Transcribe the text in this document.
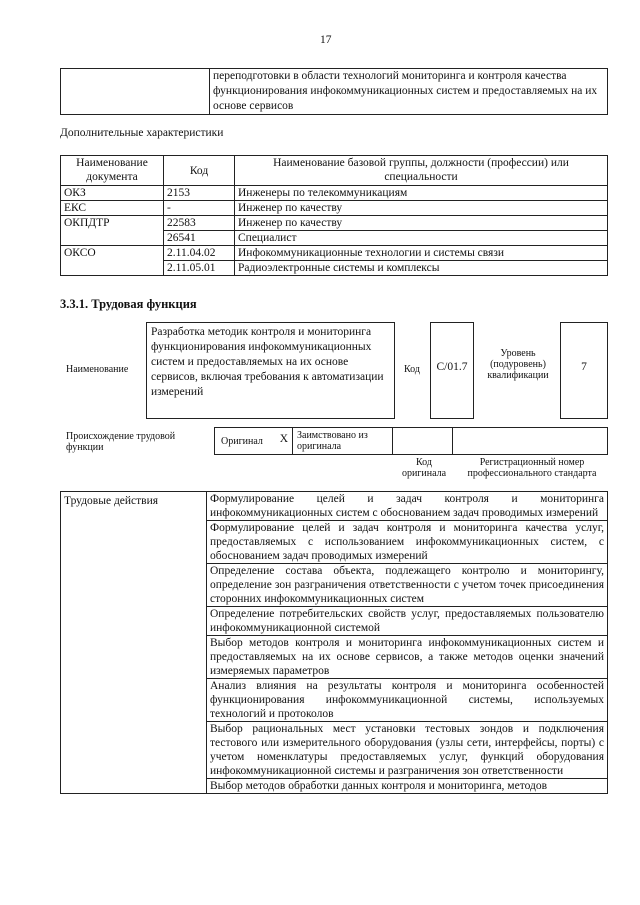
17
	переподготовки в области технологий мониторинга и контроля качества функционирования инфокоммуникационных систем и предоставляемых на их основе сервисов
Дополнительные характеристики
Наименование документа	Код	Наименование базовой группы, должности (профессии) или специальности
ОКЗ	2153	Инженеры по телекоммуникациям
ЕКС	-	Инженер по качеству
ОКПДТР	22583	Инженер по качеству
	26541	Специалист
ОКСО	2.11.04.02	Инфокоммуникационные технологии и системы связи
	2.11.05.01	Радиоэлектронные системы и комплексы
3.3.1. Трудовая функция
Наименование
Разработка методик контроля и мониторинга функционирования инфокоммуникационных систем и предоставляемых на их основе сервисов, включая требования к автоматизации измерений
Код	C/01.7
Уровень (подуровень) квалификации
7
Происхождение трудовой функции
Оригинал X Заимствовано из оригинала
Код оригинала
Регистрационный номер профессионального стандарта
Трудовые действия	Формулирование целей и задач контроля и мониторинга инфокоммуникационных систем с обоснованием задач проводимых измерений
Формулирование целей и задач контроля и мониторинга качества услуг, предоставляемых с использованием инфокоммуникационных систем, с обоснованием задач проводимых измерений
Определение состава объекта, подлежащего контролю и мониторингу, определение зон разграничения ответственности с учетом точек присоединения сторонних инфокоммуникационных систем
Определение потребительских свойств услуг, предоставляемых пользователю инфокоммуникационной системой
Выбор методов контроля и мониторинга инфокоммуникационных систем и предоставляемых на их основе сервисов, а также методов оценки значений измеряемых параметров
Анализ влияния на результаты контроля и мониторинга особенностей функционирования инфокоммуникационной системы, используемых технологий и протоколов
Выбор рациональных мест установки тестовых зондов и подключения тестового или измерительного оборудования (узлы сети, интерфейсы, порты) с учетом номенклатуры предоставляемых услуг, функций оборудования инфокоммуникационной системы и разграничения зон ответственности
Выбор методов обработки данных контроля и мониторинга, методов
